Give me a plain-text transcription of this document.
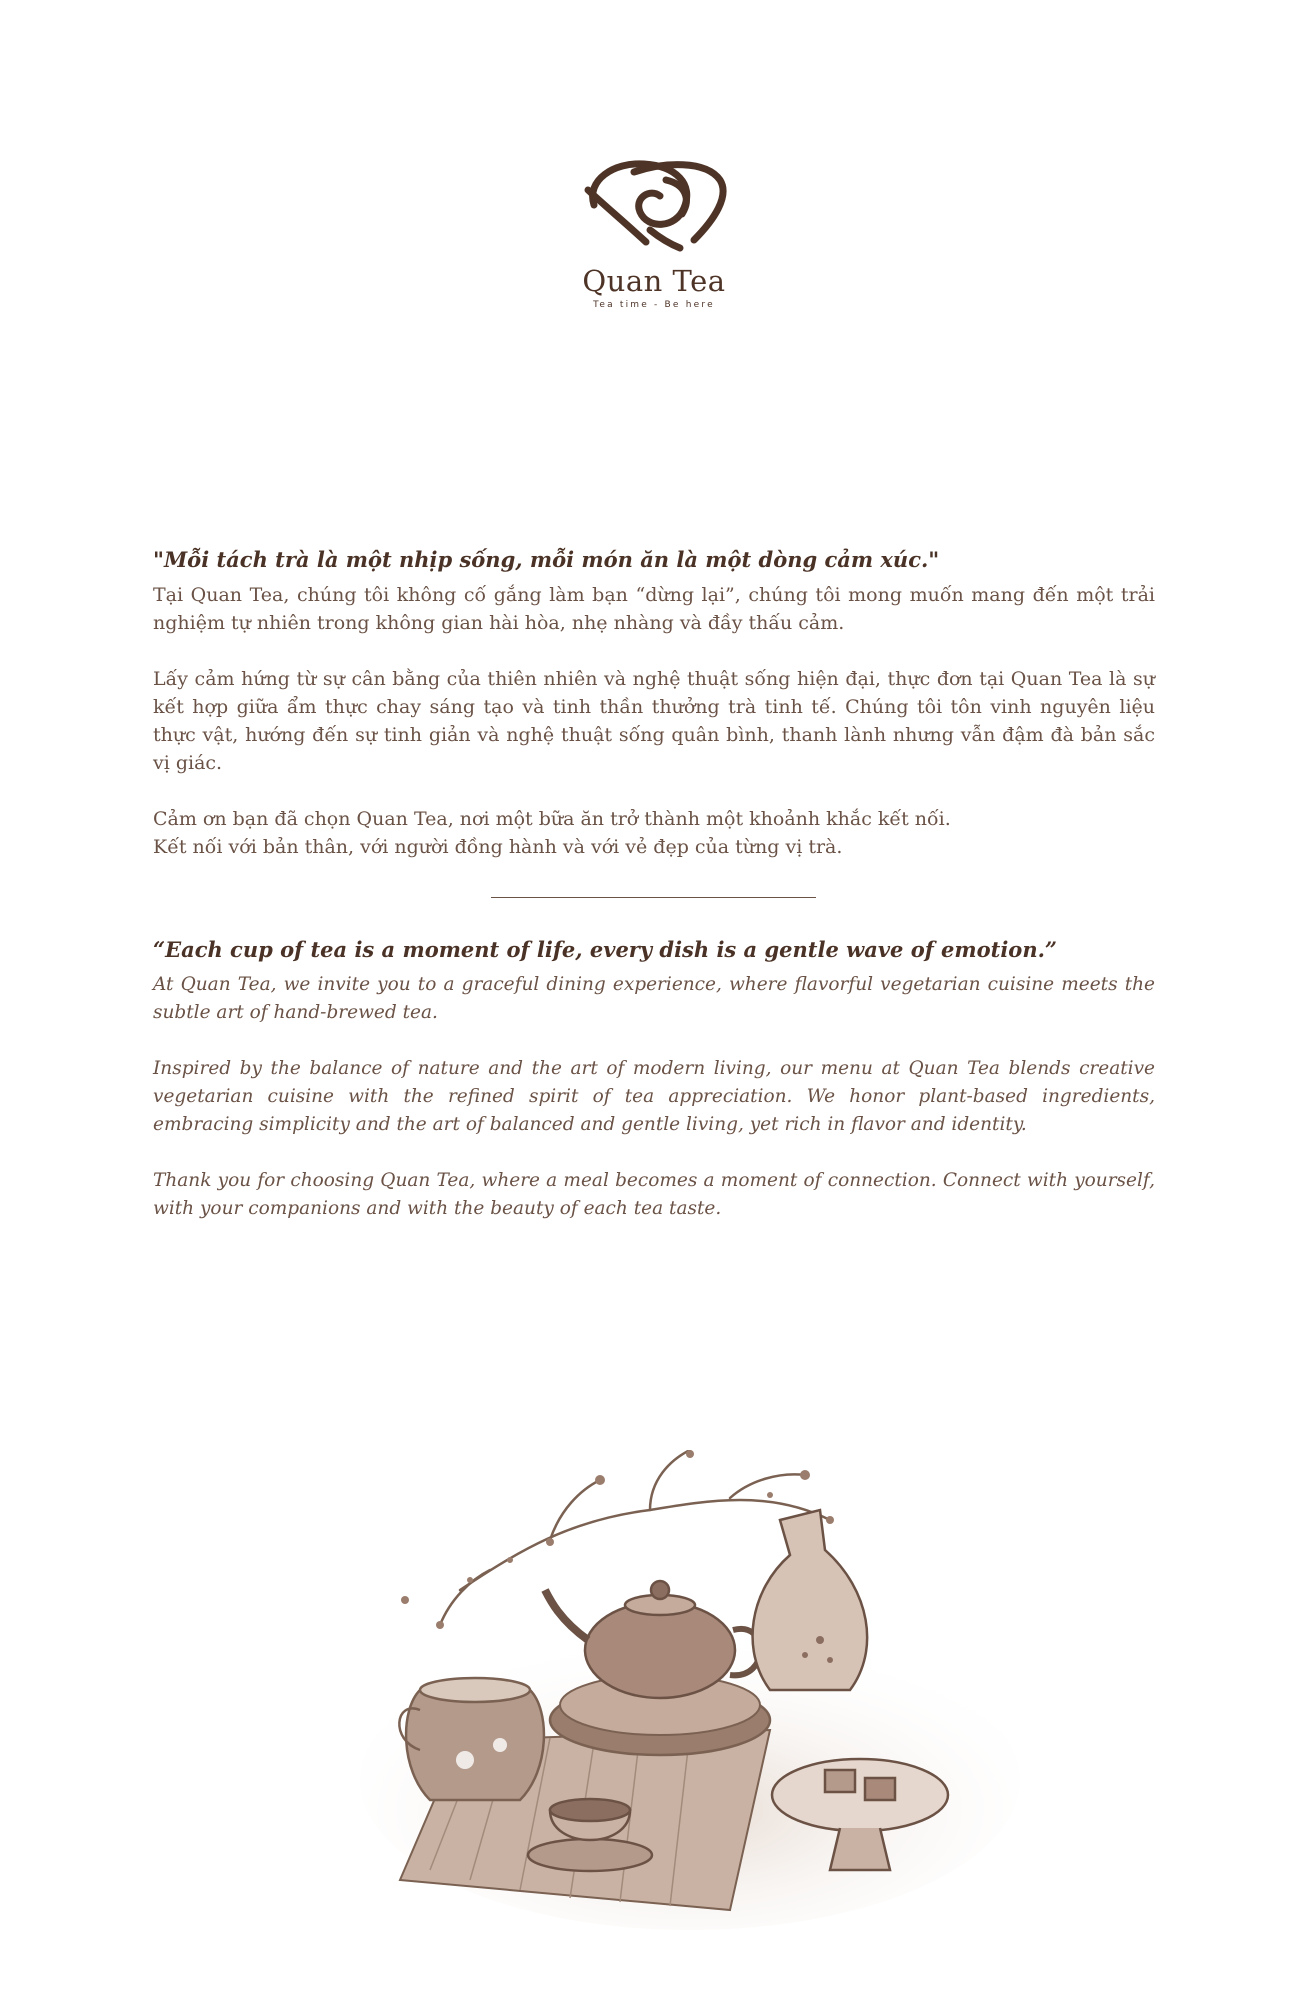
Quan Tea
Tea time - Be here

"Mỗi tách trà là một nhịp sống, mỗi món ăn là một dòng cảm xúc."

Tại Quan Tea, chúng tôi không cố gắng làm bạn “dừng lại”, chúng tôi mong muốn mang đến một trải nghiệm tự nhiên trong không gian hài hòa, nhẹ nhàng và đầy thấu cảm.

Lấy cảm hứng từ sự cân bằng của thiên nhiên và nghệ thuật sống hiện đại, thực đơn tại Quan Tea là sự kết hợp giữa ẩm thực chay sáng tạo và tinh thần thưởng trà tinh tế. Chúng tôi tôn vinh nguyên liệu thực vật, hướng đến sự tinh giản và nghệ thuật sống quân bình, thanh lành nhưng vẫn đậm đà bản sắc vị giác.

Cảm ơn bạn đã chọn Quan Tea, nơi một bữa ăn trở thành một khoảnh khắc kết nối.
Kết nối với bản thân, với người đồng hành và với vẻ đẹp của từng vị trà.

“Each cup of tea is a moment of life, every dish is a gentle wave of emotion.”

At Quan Tea, we invite you to a graceful dining experience, where flavorful vegetarian cuisine meets the subtle art of hand-brewed tea.

Inspired by the balance of nature and the art of modern living, our menu at Quan Tea blends creative vegetarian cuisine with the refined spirit of tea appreciation. We honor plant-based ingredients, embracing simplicity and the art of balanced and gentle living, yet rich in flavor and identity.

Thank you for choosing Quan Tea, where a meal becomes a moment of connection. Connect with yourself, with your companions and with the beauty of each tea taste.
